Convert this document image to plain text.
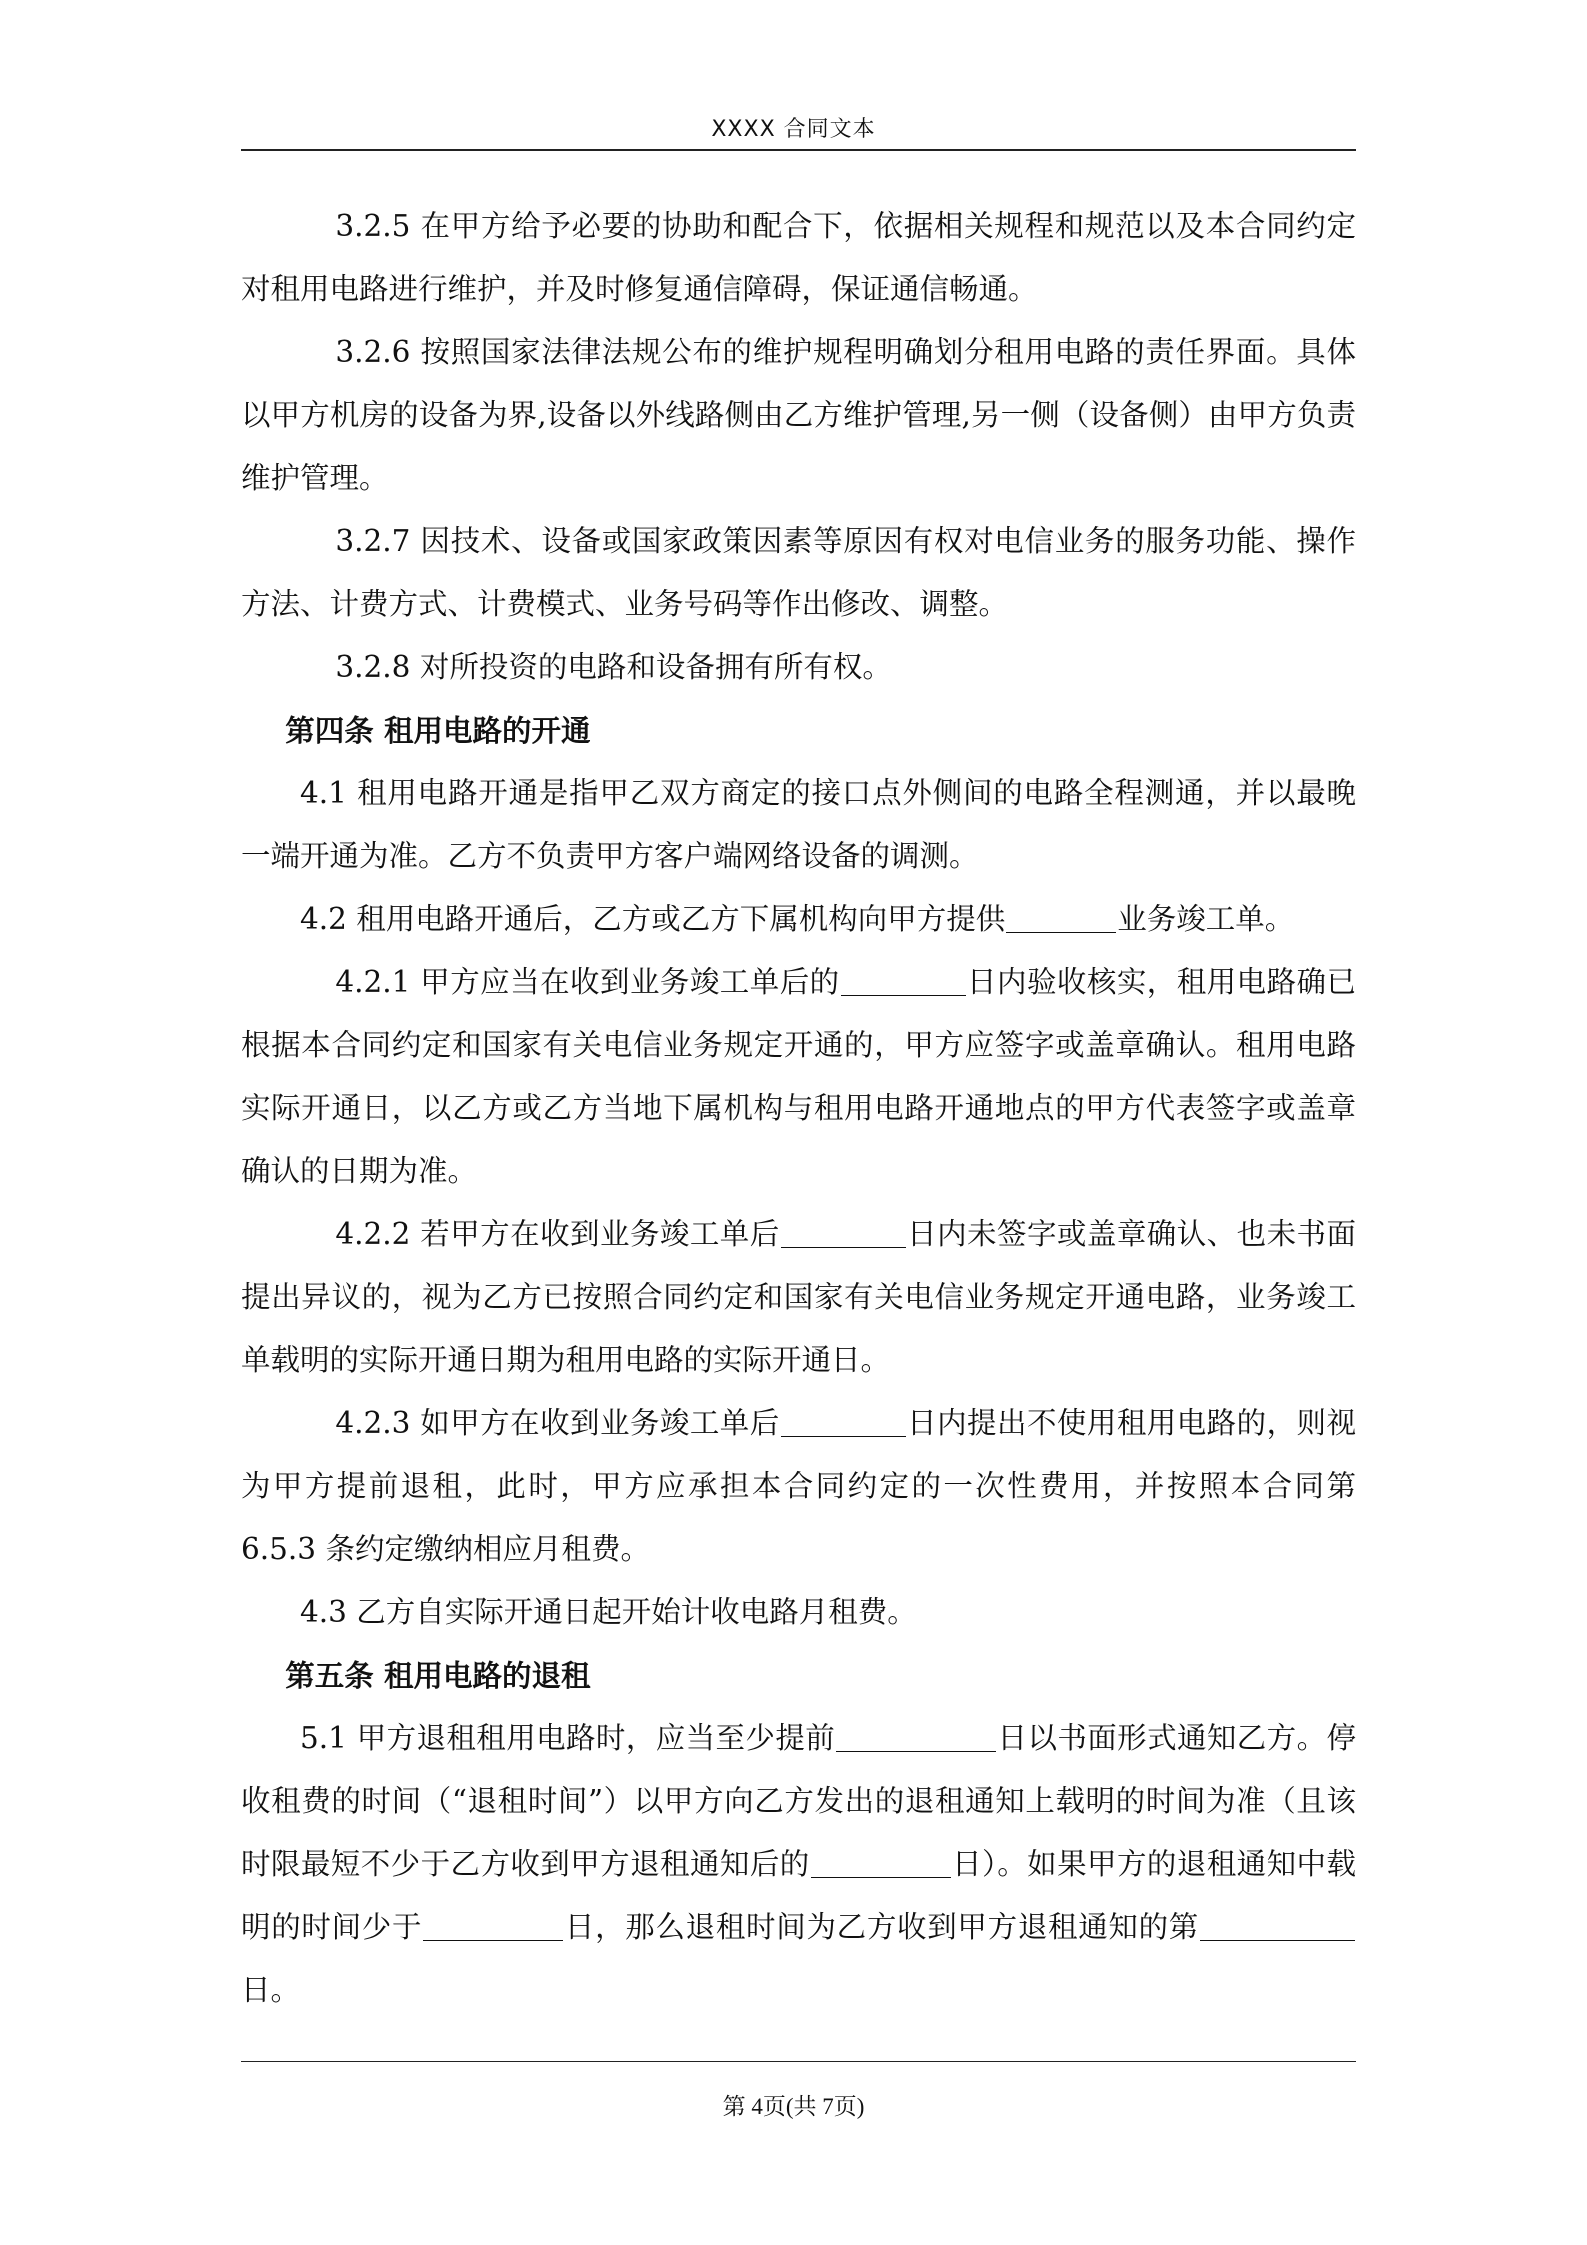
XXXX 合同文本

3.2.5 在甲方给予必要的协助和配合下，依据相关规程和规范以及本合同约定对租用电路进行维护，并及时修复通信障碍，保证通信畅通。

3.2.6 按照国家法律法规公布的维护规程明确划分租用电路的责任界面。具体以甲方机房的设备为界,设备以外线路侧由乙方维护管理,另一侧（设备侧）由甲方负责维护管理。

3.2.7 因技术、设备或国家政策因素等原因有权对电信业务的服务功能、操作方法、计费方式、计费模式、业务号码等作出修改、调整。

3.2.8 对所投资的电路和设备拥有所有权。

第四条 租用电路的开通

4.1 租用电路开通是指甲乙双方商定的接口点外侧间的电路全程测通，并以最晚一端开通为准。乙方不负责甲方客户端网络设备的调测。

4.2 租用电路开通后，乙方或乙方下属机构向甲方提供	业务竣工单。

4.2.1 甲方应当在收到业务竣工单后的	日内验收核实，租用电路确已根据本合同约定和国家有关电信业务规定开通的，甲方应签字或盖章确认。租用电路实际开通日，以乙方或乙方当地下属机构与租用电路开通地点的甲方代表签字或盖章确认的日期为准。

4.2.2 若甲方在收到业务竣工单后	日内未签字或盖章确认、也未书面提出异议的，视为乙方已按照合同约定和国家有关电信业务规定开通电路，业务竣工单载明的实际开通日期为租用电路的实际开通日。

4.2.3 如甲方在收到业务竣工单后	日内提出不使用租用电路的，则视为甲方提前退租，此时，甲方应承担本合同约定的一次性费用，并按照本合同第 6.5.3 条约定缴纳相应月租费。

4.3 乙方自实际开通日起开始计收电路月租费。

第五条 租用电路的退租

5.1 甲方退租租用电路时，应当至少提前	日以书面形式通知乙方。停收租费的时间（“退租时间”）以甲方向乙方发出的退租通知上载明的时间为准（且该时限最短不少于乙方收到甲方退租通知后的	日）。如果甲方的退租通知中载明的时间少于	日，那么退租时间为乙方收到甲方退租通知的第日。

第 4页(共 7页)
